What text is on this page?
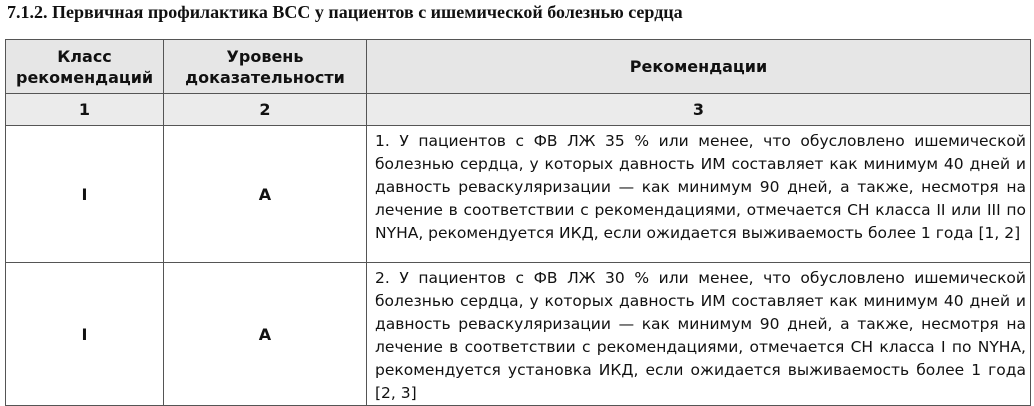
7.1.2. Первичная профилактика ВСС у пациентов с ишемической болезнью сердца
Класс рекомендаций	Уровень доказательности	Рекомендации
1	2	3
I	A	1. У пациентов с ФВ ЛЖ 35 % или менее, что обусловлено ишемической болезнью сердца, у которых давность ИМ составляет как минимум 40 дней и давность реваскуляризации — как минимум 90 дней, а также, несмотря на лечение в соответствии с рекомендациями, отмечается СН класса II или III по NYHA, рекомендуется ИКД, если ожидается выживаемость более 1 года [1, 2]

I	A	2. У пациентов с ФВ ЛЖ 30 % или менее, что обусловлено ишемической болезнью сердца, у которых давность ИМ составляет как минимум 40 дней и давность реваскуляризации — как минимум 90 дней, а также, несмотря на лечение в соответствии с рекомендациями, отмечается СН класса I по NYHA, рекомендуется установка ИКД, если ожидается выживаемость более 1 года [2, 3]
